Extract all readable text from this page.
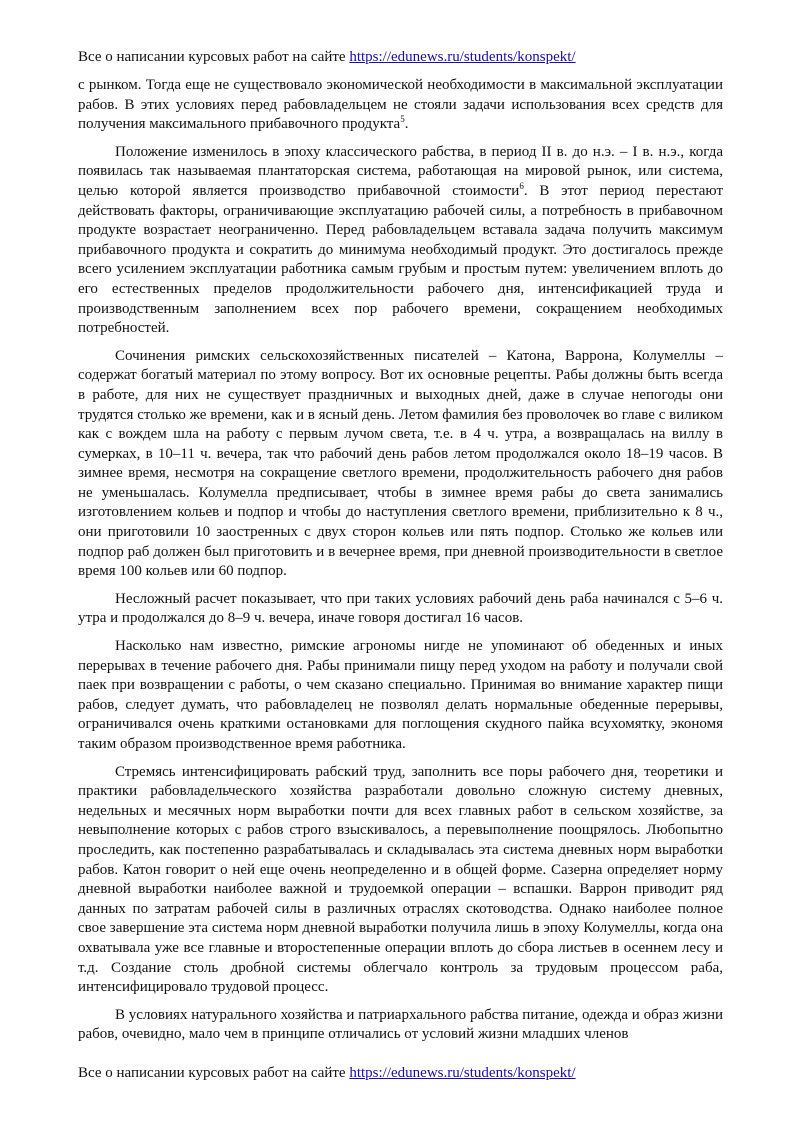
Все о написании курсовых работ на сайте https://edunews.ru/students/konspekt/

с рынком. Тогда еще не существовало экономической необходимости в максимальной эксплуатации рабов. В этих условиях перед рабовладельцем не стояли задачи использования всех средств для получения максимального прибавочного продукта$^5$.

Положение изменилось в эпоху классического рабства, в период II в. до н.э. – I в. н.э., когда появилась так называемая плантаторская система, работающая на мировой рынок, или система, целью которой является производство прибавочной стоимости$^6$. В этот период перестают действовать факторы, ограничивающие эксплуатацию рабочей силы, а потребность в прибавочном продукте возрастает неограниченно. Перед рабовладельцем вставала задача получить максимум прибавочного продукта и сократить до минимума необходимый продукт. Это достигалось прежде всего усилением эксплуатации работника самым грубым и простым путем: увеличением вплоть до его естественных пределов продолжительности рабочего дня, интенсификацией труда и производственным заполнением всех пор рабочего времени, сокращением необходимых потребностей.

Сочинения римских сельскохозяйственных писателей – Катона, Варрона, Колумеллы – содержат богатый материал по этому вопросу. Вот их основные рецепты. Рабы должны быть всегда в работе, для них не существует праздничных и выходных дней, даже в случае непогоды они трудятся столько же времени, как и в ясный день. Летом фамилия без проволочек во главе с виликом как с вождем шла на работу с первым лучом света, т.е. в 4 ч. утра, а возвращалась на виллу в сумерках, в 10–11 ч. вечера, так что рабочий день рабов летом продолжался около 18–19 часов. В зимнее время, несмотря на сокращение светлого времени, продолжительность рабочего дня рабов не уменьшалась. Колумелла предписывает, чтобы в зимнее время рабы до света занимались изготовлением кольев и подпор и чтобы до наступления светлого времени, приблизительно к 8 ч., они приготовили 10 заостренных с двух сторон кольев или пять подпор. Столько же кольев или подпор раб должен был приготовить и в вечернее время, при дневной производительности в светлое время 100 кольев или 60 подпор.

Несложный расчет показывает, что при таких условиях рабочий день раба начинался с 5–6 ч. утра и продолжался до 8–9 ч. вечера, иначе говоря достигал 16 часов.

Насколько нам известно, римские агрономы нигде не упоминают об обеденных и иных перерывах в течение рабочего дня. Рабы принимали пищу перед уходом на работу и получали свой паек при возвращении с работы, о чем сказано специально. Принимая во внимание характер пищи рабов, следует думать, что рабовладелец не позволял делать нормальные обеденные перерывы, ограничивался очень краткими остановками для поглощения скудного пайка всухомятку, экономя таким образом производственное время работника.

Стремясь интенсифицировать рабский труд, заполнить все поры рабочего дня, теоретики и практики рабовладельческого хозяйства разработали довольно сложную систему дневных, недельных и месячных норм выработки почти для всех главных работ в сельском хозяйстве, за невыполнение которых с рабов строго взыскивалось, а перевыполнение поощрялось. Любопытно проследить, как постепенно разрабатывалась и складывалась эта система дневных норм выработки рабов. Катон говорит о ней еще очень неопределенно и в общей форме. Сазерна определяет норму дневной выработки наиболее важной и трудоемкой операции – вспашки. Варрон приводит ряд данных по затратам рабочей силы в различных отраслях скотоводства. Однако наиболее полное свое завершение эта система норм дневной выработки получила лишь в эпоху Колумеллы, когда она охватывала уже все главные и второстепенные операции вплоть до сбора листьев в осеннем лесу и т.д. Создание столь дробной системы облегчало контроль за трудовым процессом раба, интенсифицировало трудовой процесс.

В условиях натурального хозяйства и патриархального рабства питание, одежда и образ жизни рабов, очевидно, мало чем в принципе отличались от условий жизни младших членов

Все о написании курсовых работ на сайте https://edunews.ru/students/konspekt/
